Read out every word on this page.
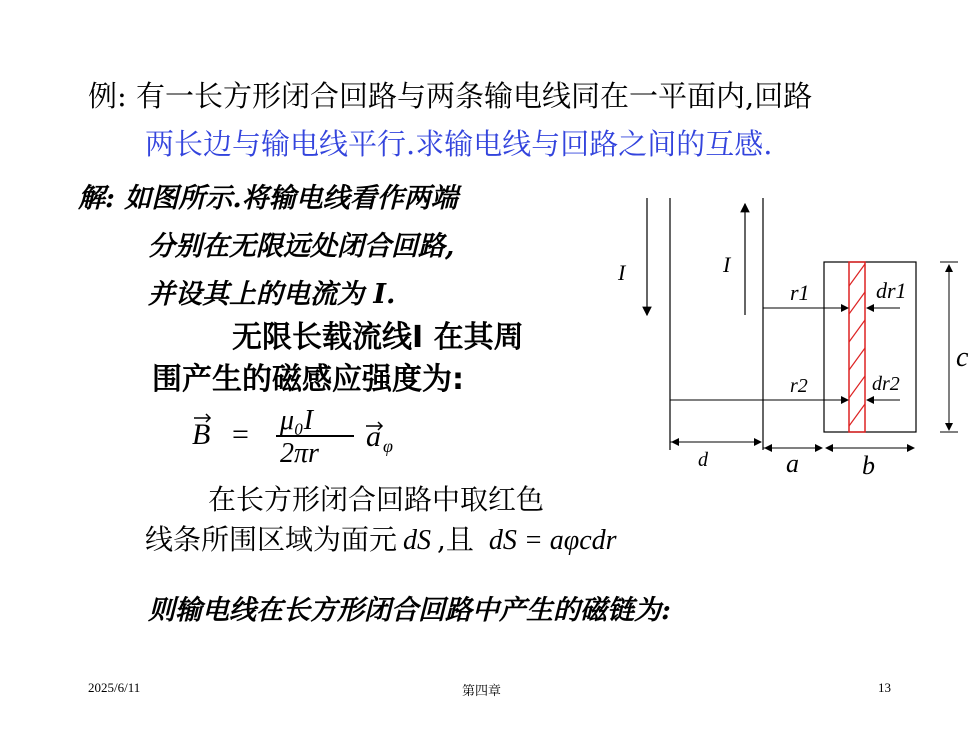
例: 有一长方形闭合回路与两条输电线同在一平面内,回路
两长边与输电线平行.求输电线与回路之间的互感.
解: 如图所示.将输电线看作两端
分别在无限远处闭合回路,
并设其上的电流为 I.
无限长载流线I 在其周
围产生的磁感应强度为:
B = μ₀I
2πr
a φ
在长方形闭合回路中取红色
线条所围区域为面元 dS ,且 dS = aφcdr
则输电线在长方形闭合回路中产生的磁链为:
I	I
r1	dr1
r2	dr2
c
d	a b
2025/6/11	第四章	13
